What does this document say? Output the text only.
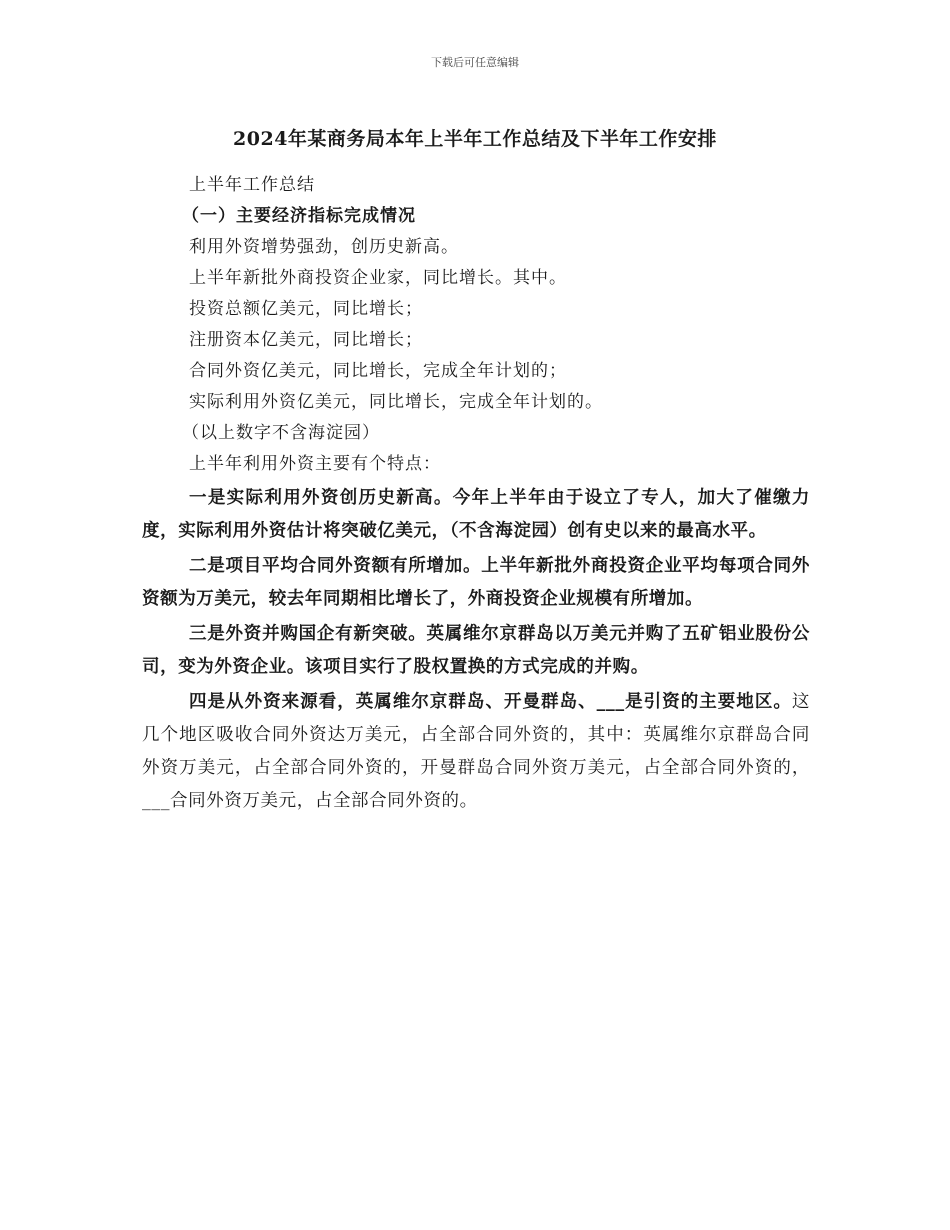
下载后可任意编辑
2024年某商务局本年上半年工作总结及下半年工作安排
上半年工作总结
（一）主要经济指标完成情况
利用外资增势强劲，创历史新高。
上半年新批外商投资企业家，同比增长。其中。
投资总额亿美元，同比增长；
注册资本亿美元，同比增长；
合同外资亿美元，同比增长，完成全年计划的；
实际利用外资亿美元，同比增长，完成全年计划的。
（以上数字不含海淀园）
上半年利用外资主要有个特点：

一是实际利用外资创历史新高。今年上半年由于设立了专人，加大了催缴力度，实际利用外资估计将突破亿美元，（不含海淀园）创有史以来的最高水平。

二是项目平均合同外资额有所增加。上半年新批外商投资企业平均每项合同外资额为万美元，较去年同期相比增长了，外商投资企业规模有所增加。

三是外资并购国企有新突破。英属维尔京群岛以万美元并购了五矿铝业股份公司，变为外资企业。该项目实行了股权置换的方式完成的并购。

四是从外资来源看，英属维尔京群岛、开曼群岛、___是引资的主要地区。这几个地区吸收合同外资达万美元，占全部合同外资的，其中：英属维尔京群岛合同外资万美元，占全部合同外资的，开曼群岛合同外资万美元，占全部合同外资的，___合同外资万美元，占全部合同外资的。
